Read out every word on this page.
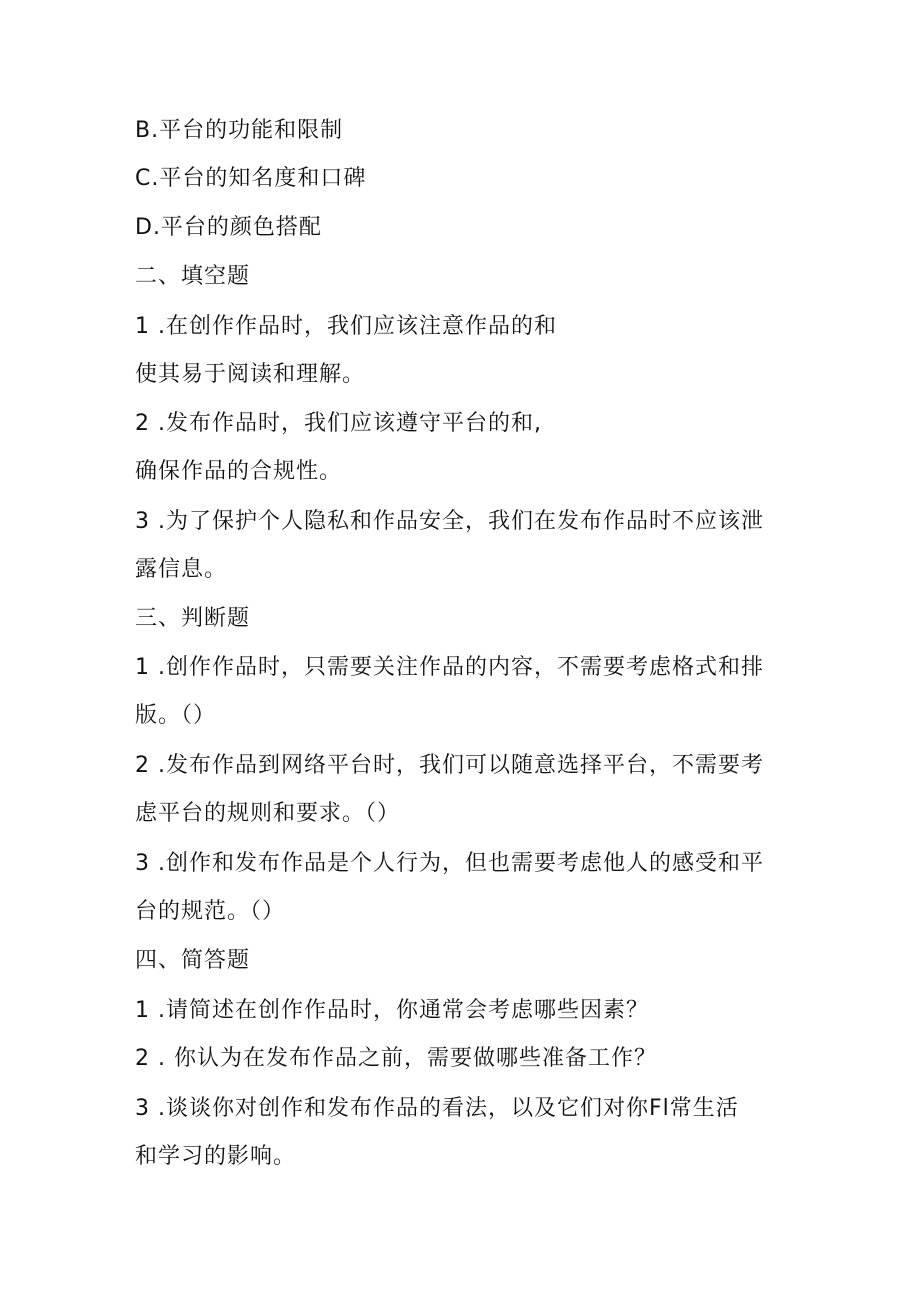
B.平台的功能和限制
C.平台的知名度和口碑
D.平台的颜色搭配
二、填空题
1 .在创作作品时，我们应该注意作品的和
使其易于阅读和理解。
2 .发布作品时，我们应该遵守平台的和,
确保作品的合规性。
3 .为了保护个人隐私和作品安全，我们在发布作品时不应该泄
露信息。
三、判断题
1 .创作作品时，只需要关注作品的内容，不需要考虑格式和排
版。（）
2 .发布作品到网络平台时，我们可以随意选择平台，不需要考
虑平台的规则和要求。（）
3 .创作和发布作品是个人行为，但也需要考虑他人的感受和平
台的规范。（）
四、简答题
1 .请简述在创作作品时，你通常会考虑哪些因素？
2 . 你认为在发布作品之前，需要做哪些准备工作？
3 .谈谈你对创作和发布作品的看法，以及它们对你Fl常生活
和学习的影响。
